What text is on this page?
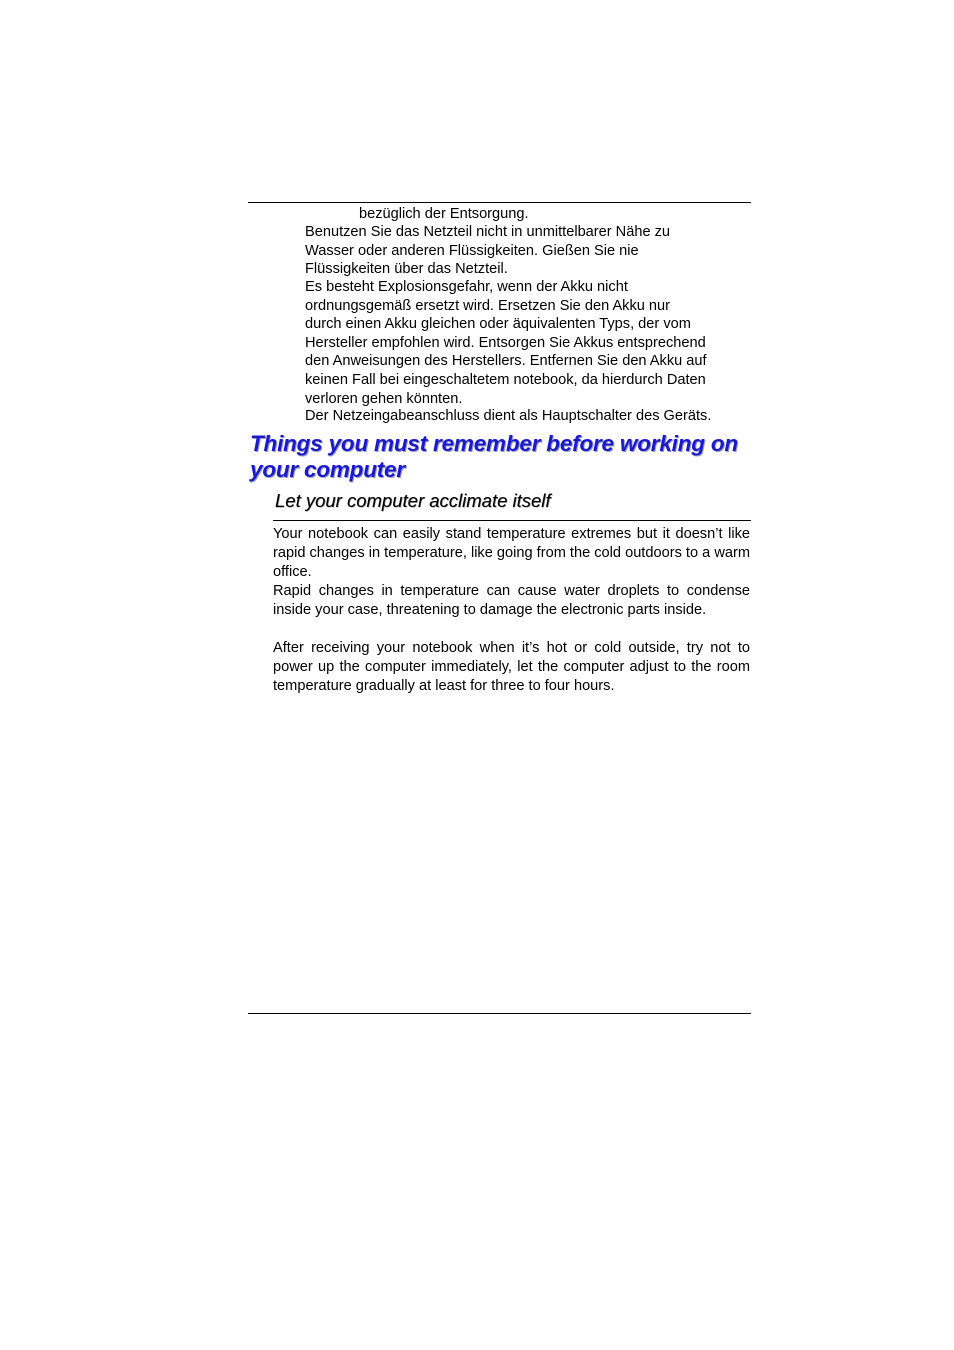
bezüglich der Entsorgung.
Benutzen Sie das Netzteil nicht in unmittelbarer Nähe zu
Wasser oder anderen Flüssigkeiten. Gießen Sie nie
Flüssigkeiten über das Netzteil.
Es besteht Explosionsgefahr, wenn der Akku nicht
ordnungsgemäß ersetzt wird. Ersetzen Sie den Akku nur
durch einen Akku gleichen oder äquivalenten Typs, der vom
Hersteller empfohlen wird. Entsorgen Sie Akkus entsprechend
den Anweisungen des Herstellers. Entfernen Sie den Akku auf
keinen Fall bei eingeschaltetem notebook, da hierdurch Daten
verloren gehen könnten.
Der Netzeingabeanschluss dient als Hauptschalter des Geräts.
Things you must remember before working on your computer
Let your computer acclimate itself
Your notebook can easily stand temperature extremes but it doesn’t like rapid changes in temperature, like going from the cold outdoors to a warm office.
Rapid changes in temperature can cause water droplets to condense inside your case, threatening to damage the electronic parts inside.
After receiving your notebook when it’s hot or cold outside, try not to power up the computer immediately, let the computer adjust to the room temperature gradually at least for three to four hours.
